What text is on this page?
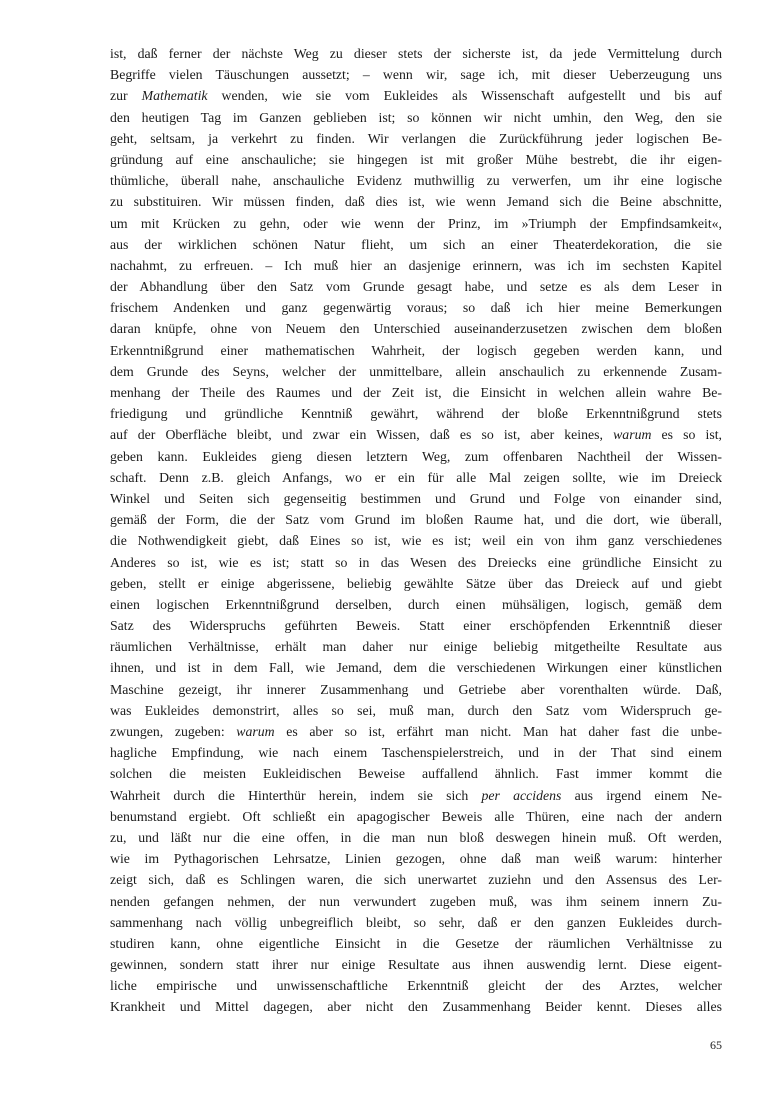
ist, daß ferner der nächste Weg zu dieser stets der sicherste ist, da jede Vermittelung durch
Begriffe vielen Täuschungen aussetzt; – wenn wir, sage ich, mit dieser Ueberzeugung uns
zur Mathematik wenden, wie sie vom Eukleides als Wissenschaft aufgestellt und bis auf
den heutigen Tag im Ganzen geblieben ist; so können wir nicht umhin, den Weg, den sie
geht, seltsam, ja verkehrt zu finden. Wir verlangen die Zurückführung jeder logischen Be-
gründung auf eine anschauliche; sie hingegen ist mit großer Mühe bestrebt, die ihr eigen-
thümliche, überall nahe, anschauliche Evidenz muthwillig zu verwerfen, um ihr eine logische
zu substituiren. Wir müssen finden, daß dies ist, wie wenn Jemand sich die Beine abschnitte,
um mit Krücken zu gehn, oder wie wenn der Prinz, im »Triumph der Empfindsamkeit«,
aus der wirklichen schönen Natur flieht, um sich an einer Theaterdekoration, die sie
nachahmt, zu erfreuen. – Ich muß hier an dasjenige erinnern, was ich im sechsten Kapitel
der Abhandlung über den Satz vom Grunde gesagt habe, und setze es als dem Leser in
frischem Andenken und ganz gegenwärtig voraus; so daß ich hier meine Bemerkungen
daran knüpfe, ohne von Neuem den Unterschied auseinanderzusetzen zwischen dem bloßen
Erkenntnißgrund einer mathematischen Wahrheit, der logisch gegeben werden kann, und
dem Grunde des Seyns, welcher der unmittelbare, allein anschaulich zu erkennende Zusam-
menhang der Theile des Raumes und der Zeit ist, die Einsicht in welchen allein wahre Be-
friedigung und gründliche Kenntniß gewährt, während der bloße Erkenntnißgrund stets
auf der Oberfläche bleibt, und zwar ein Wissen, daß es so ist, aber keines, warum es so ist,
geben kann. Eukleides gieng diesen letztern Weg, zum offenbaren Nachtheil der Wissen-
schaft. Denn z.B. gleich Anfangs, wo er ein für alle Mal zeigen sollte, wie im Dreieck
Winkel und Seiten sich gegenseitig bestimmen und Grund und Folge von einander sind,
gemäß der Form, die der Satz vom Grund im bloßen Raume hat, und die dort, wie überall,
die Nothwendigkeit giebt, daß Eines so ist, wie es ist; weil ein von ihm ganz verschiedenes
Anderes so ist, wie es ist; statt so in das Wesen des Dreiecks eine gründliche Einsicht zu
geben, stellt er einige abgerissene, beliebig gewählte Sätze über das Dreieck auf und giebt
einen logischen Erkenntnißgrund derselben, durch einen mühsäligen, logisch, gemäß dem
Satz des Widerspruchs geführten Beweis. Statt einer erschöpfenden Erkenntniß dieser
räumlichen Verhältnisse, erhält man daher nur einige beliebig mitgetheilte Resultate aus
ihnen, und ist in dem Fall, wie Jemand, dem die verschiedenen Wirkungen einer künstlichen
Maschine gezeigt, ihr innerer Zusammenhang und Getriebe aber vorenthalten würde. Daß,
was Eukleides demonstrirt, alles so sei, muß man, durch den Satz vom Widerspruch ge-
zwungen, zugeben: warum es aber so ist, erfährt man nicht. Man hat daher fast die unbe-
hagliche Empfindung, wie nach einem Taschenspielerstreich, und in der That sind einem
solchen die meisten Eukleidischen Beweise auffallend ähnlich. Fast immer kommt die
Wahrheit durch die Hinterthür herein, indem sie sich per accidens aus irgend einem Ne-
benumstand ergiebt. Oft schließt ein apagogischer Beweis alle Thüren, eine nach der andern
zu, und läßt nur die eine offen, in die man nun bloß deswegen hinein muß. Oft werden,
wie im Pythagorischen Lehrsatze, Linien gezogen, ohne daß man weiß warum: hinterher
zeigt sich, daß es Schlingen waren, die sich unerwartet zuziehn und den Assensus des Ler-
nenden gefangen nehmen, der nun verwundert zugeben muß, was ihm seinem innern Zu-
sammenhang nach völlig unbegreiflich bleibt, so sehr, daß er den ganzen Eukleides durch-
studiren kann, ohne eigentliche Einsicht in die Gesetze der räumlichen Verhältnisse zu
gewinnen, sondern statt ihrer nur einige Resultate aus ihnen auswendig lernt. Diese eigent-
liche empirische und unwissenschaftliche Erkenntniß gleicht der des Arztes, welcher
Krankheit und Mittel dagegen, aber nicht den Zusammenhang Beider kennt. Dieses alles
65
